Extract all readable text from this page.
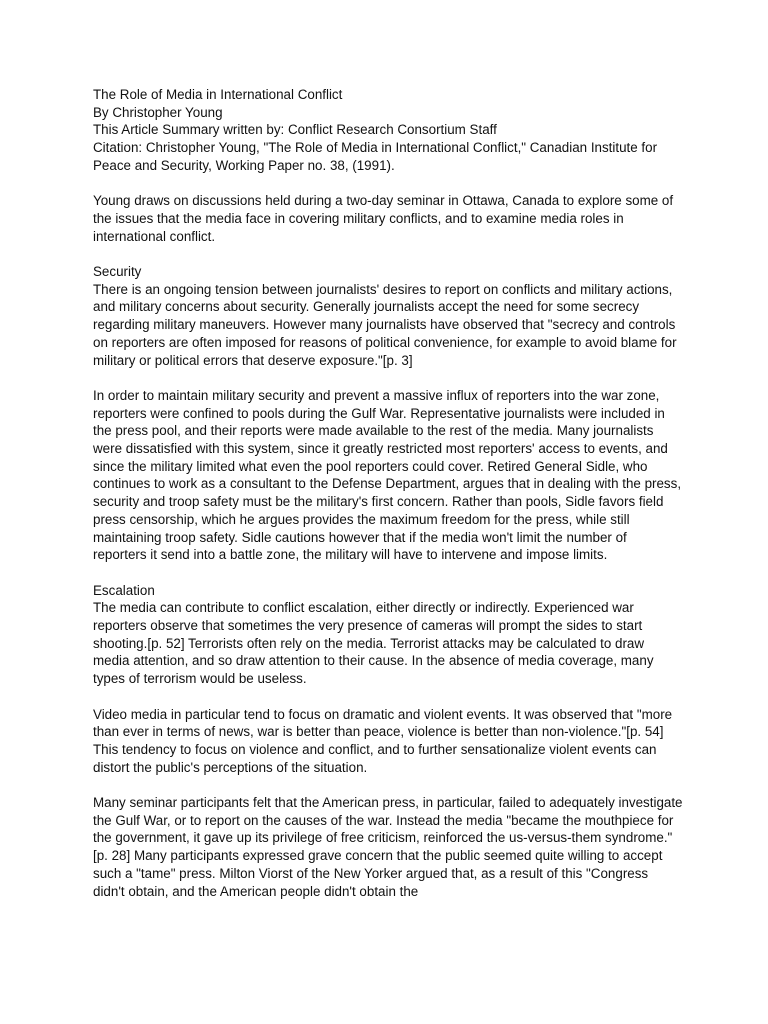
The Role of Media in International Conflict

By Christopher Young

This Article Summary written by: Conflict Research Consortium Staff

Citation: Christopher Young, "The Role of Media in International Conflict," Canadian Institute for Peace and Security, Working Paper no. 38, (1991).

Young draws on discussions held during a two-day seminar in Ottawa, Canada to explore some of the issues that the media face in covering military conflicts, and to examine media roles in international conflict.

Security

There is an ongoing tension between journalists' desires to report on conflicts and military actions, and military concerns about security. Generally journalists accept the need for some secrecy regarding military maneuvers. However many journalists have observed that "secrecy and controls on reporters are often imposed for reasons of political convenience, for example to avoid blame for military or political errors that deserve exposure."[p. 3]

In order to maintain military security and prevent a massive influx of reporters into the war zone, reporters were confined to pools during the Gulf War. Representative journalists were included in the press pool, and their reports were made available to the rest of the media. Many journalists were dissatisfied with this system, since it greatly restricted most reporters' access to events, and since the military limited what even the pool reporters could cover. Retired General Sidle, who continues to work as a consultant to the Defense Department, argues that in dealing with the press, security and troop safety must be the military's first concern. Rather than pools, Sidle favors field press censorship, which he argues provides the maximum freedom for the press, while still maintaining troop safety. Sidle cautions however that if the media won't limit the number of reporters it send into a battle zone, the military will have to intervene and impose limits.

Escalation

The media can contribute to conflict escalation, either directly or indirectly. Experienced war reporters observe that sometimes the very presence of cameras will prompt the sides to start shooting.[p. 52] Terrorists often rely on the media. Terrorist attacks may be calculated to draw media attention, and so draw attention to their cause. In the absence of media coverage, many types of terrorism would be useless.

Video media in particular tend to focus on dramatic and violent events. It was observed that "more than ever in terms of news, war is better than peace, violence is better than non-violence."[p. 54] This tendency to focus on violence and conflict, and to further sensationalize violent events can distort the public's perceptions of the situation.

Many seminar participants felt that the American press, in particular, failed to adequately investigate the Gulf War, or to report on the causes of the war. Instead the media "became the mouthpiece for the government, it gave up its privilege of free criticism, reinforced the us-versus-them syndrome."[p. 28] Many participants expressed grave concern that the public seemed quite willing to accept such a "tame" press. Milton Viorst of the New Yorker argued that, as a result of this "Congress didn't obtain, and the American people didn't obtain the
